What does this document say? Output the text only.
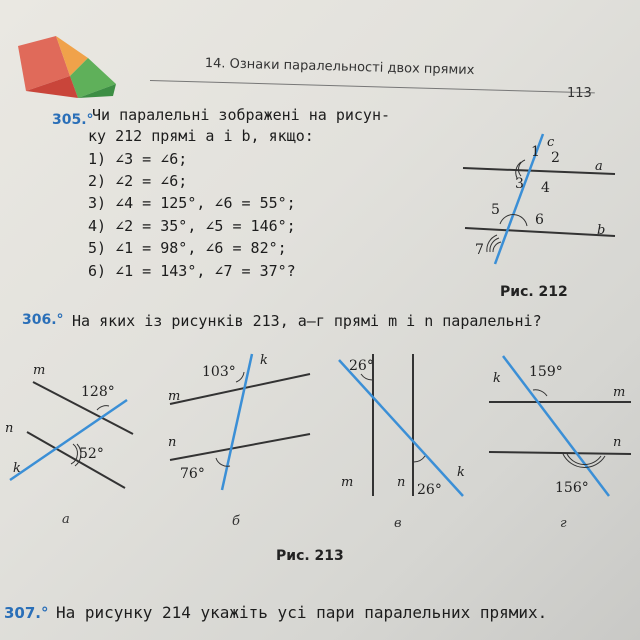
14. Ознаки паралельності двох прямих
113
305.°
Чи паралельні зображені на рисун-
ку 212 прямі a і b, якщо:
1) ∠3 = ∠6;
2) ∠2 = ∠6;
3) ∠4 = 125°, ∠6 = 55°;
4) ∠2 = 35°, ∠5 = 146°;
5) ∠1 = 98°, ∠6 = 82°;
6) ∠1 = 143°, ∠7 = 37°?
c
1 2
3 4
5
6
7
a
b
Рис. 212
306.° На яких із рисунків 213, а–г прямі m і n паралельні?
m
n
k
128°
52°
а
103°
k
m
n
76°
б
26°
m	n 26°
k
в
k 159°
m
n
156°
г
Рис. 213
307.° На рисунку 214 укажіть усі пари паралельних прямих.
